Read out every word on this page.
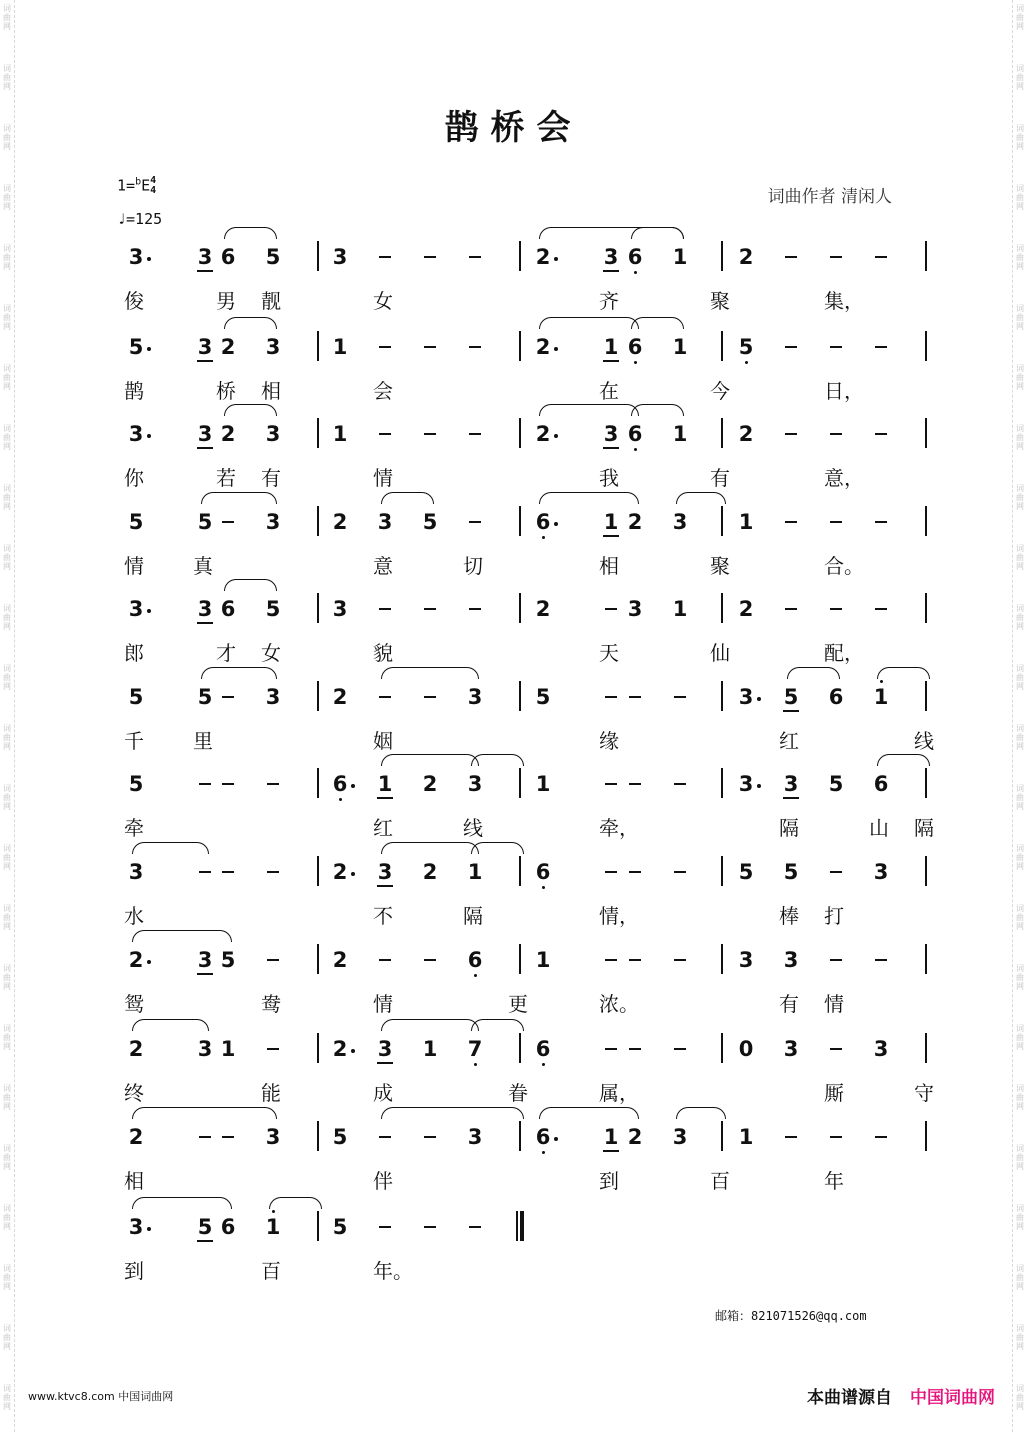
词曲网
词曲网
词曲网
词曲网
词曲网
词曲网
词曲网
词曲网
词曲网
词曲网
词曲网
词曲网
词曲网
词曲网
词曲网
词曲网
词曲网
词曲网
词曲网
词曲网
词曲网
词曲网
词曲网
词曲网
词曲网
词曲网
词曲网
词曲网
词曲网
词曲网
词曲网
词曲网
词曲网
词曲网
词曲网
词曲网
词曲网
词曲网
词曲网
词曲网
词曲网
词曲网
词曲网
词曲网
词曲网
词曲网
词曲网
词曲网
鹊桥会
1=$^b$E4
4
♩=125
词曲作者 清闲人
3	3 6 5 3	2	3 6 1 2
俊	男 靓	女	齐	聚	集，
5	3 2 3 1	2	1 6 1 5
鹊	桥 相	会	在	今	日，
3	3 2 3 1	2	3 6 1 2
你	若 有	情	我	有	意，
5	5	3 2 3 5	6	1 2 3 1
情 真	意	切	相	聚	合。
3	3 6 5 3	2	3 1 2
郎	才 女	貌	天	仙	配，
5	5	3 2	3	5	3 5 6 1
千 里	姻	缘	红	线
5	6 1 2 3	1	3 3 5 6
牵	红	线	牵，	隔	山 隔
3	2 3 2 1	6	5 5	3
水	不	隔	情，	棒 打
2	3 5	2	6	1	3 3
鸳	鸯	情	更	浓。	有 情
2	3 1	2 3 1 7	6	0 3	3
终	能	成	眷	属，	厮	守
2	3 5	3	6	1 2 3 1
相	伴	到	百	年
3	5 6 1 5
到	百	年。
邮箱：821071526@qq.com
www.ktvc8.com 中国词曲网	本曲谱源自 中国词曲网
